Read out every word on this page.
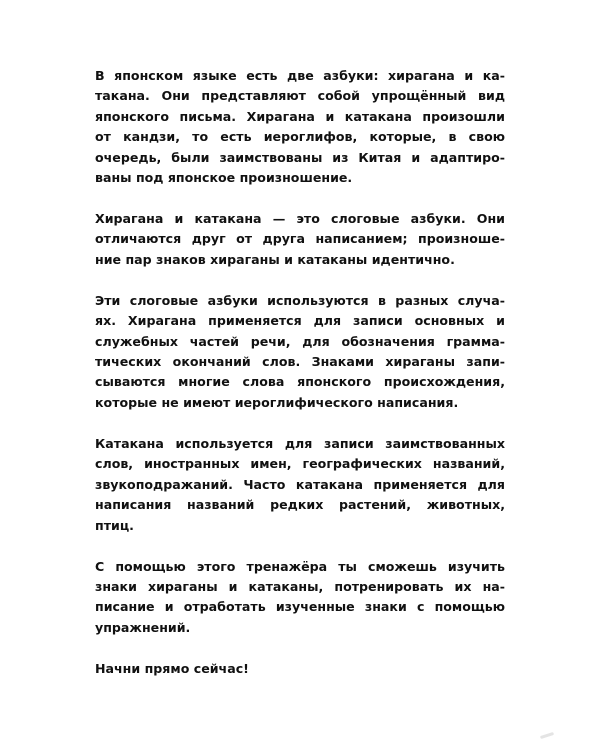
В японском языке есть две азбуки: хирагана и ка-
такана. Они представляют собой упрощённый вид
японского письма. Хирагана и катакана произошли
от кандзи, то есть иероглифов, которые, в свою
очередь, были заимствованы из Китая и адаптиро-
ваны под японское произношение.

Хирагана и катакана — это слоговые азбуки. Они
отличаются друг от друга написанием; произноше-
ние пар знаков хираганы и катаканы идентично.

Эти слоговые азбуки используются в разных случа-
ях. Хирагана применяется для записи основных и
служебных частей речи, для обозначения грамма-
тических окончаний слов. Знаками хираганы запи-
сываются многие слова японского происхождения,
которые не имеют иероглифического написания.

Катакана используется для записи заимствованных
слов, иностранных имен, географических названий,
звукоподражаний. Часто катакана применяется для
написания названий редких растений, животных,
птиц.

С помощью этого тренажёра ты сможешь изучить
знаки хираганы и катаканы, потренировать их на-
писание и отработать изученные знаки с помощью
упражнений.

Начни прямо сейчас!
